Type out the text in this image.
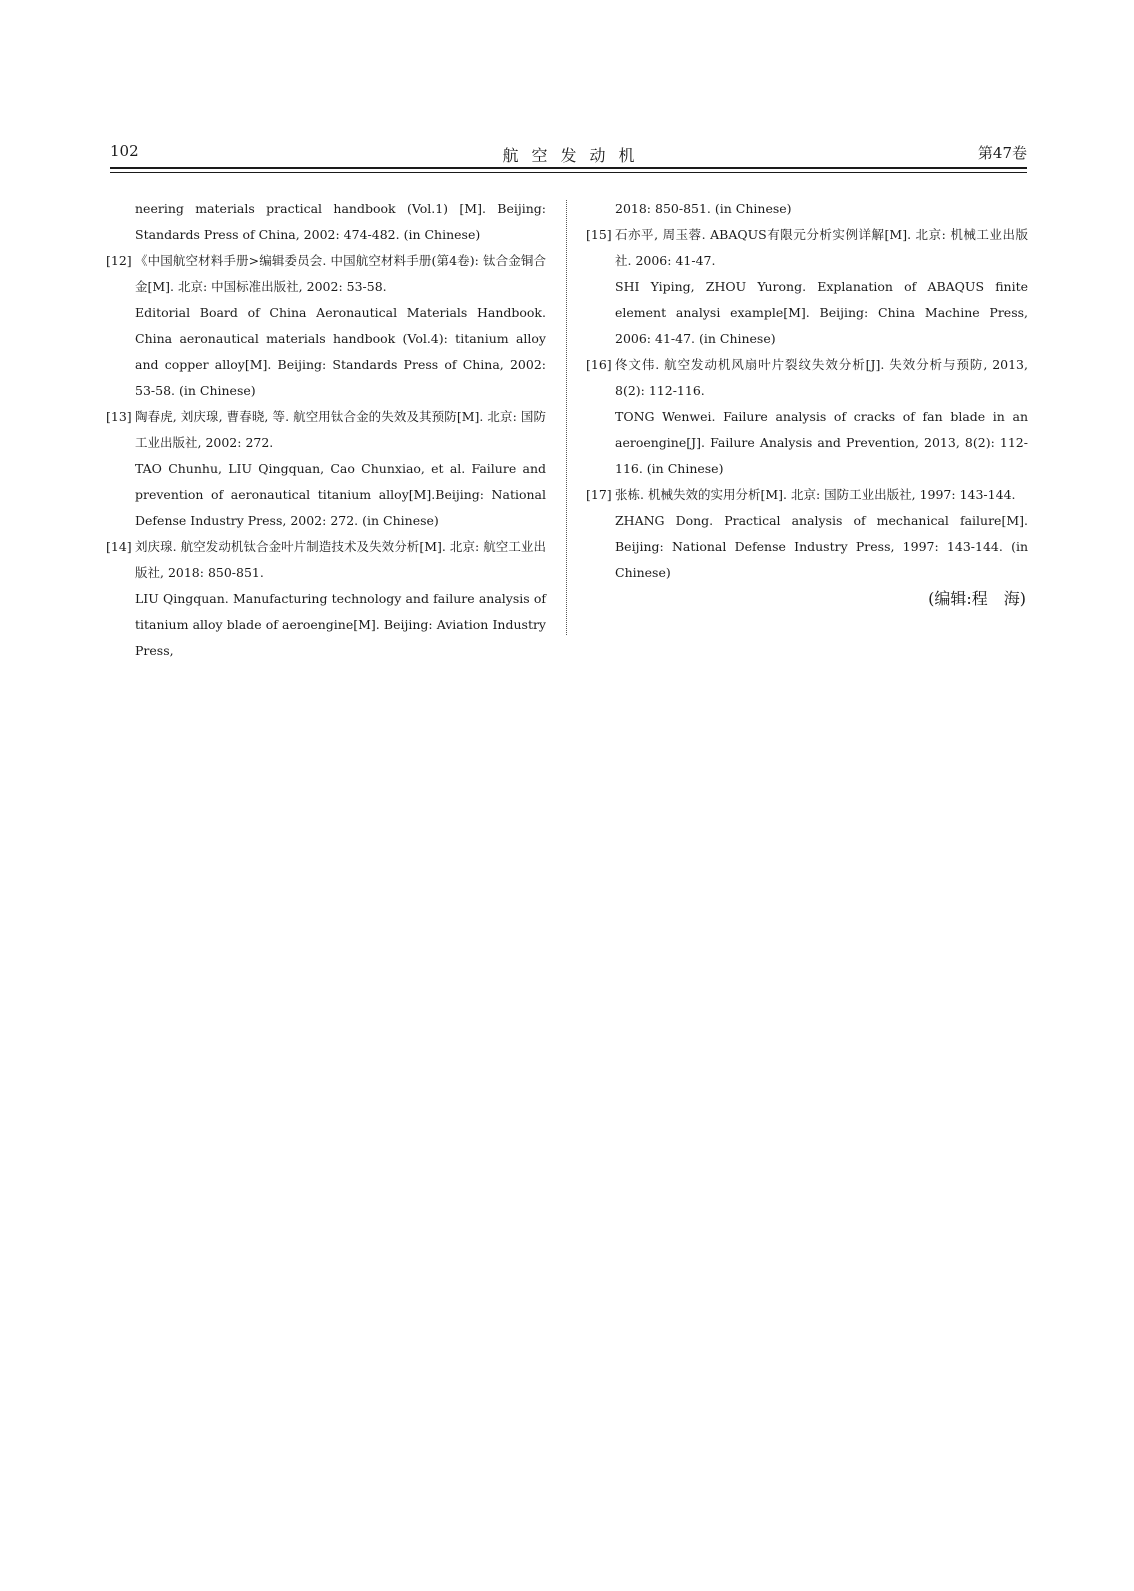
102	航空发动机	第47卷

neering materials practical handbook (Vol.1) [M]. Beijing: Standards Press of China, 2002: 474-482. (in Chinese)

[12] 《中国航空材料手册>编辑委员会. 中国航空材料手册(第4卷): 钛合金铜合金[M]. 北京: 中国标准出版社, 2002: 53-58.

Editorial Board of China Aeronautical Materials Handbook. China aeronautical materials handbook (Vol.4): titanium alloy and copper alloy[M]. Beijing: Standards Press of China, 2002: 53-58. (in Chinese)

[13] 陶春虎, 刘庆瑔, 曹春晓, 等. 航空用钛合金的失效及其预防[M]. 北京: 国防工业出版社, 2002: 272.

TAO Chunhu, LIU Qingquan, Cao Chunxiao, et al. Failure and prevention of aeronautical titanium alloy[M].Beijing: National Defense Industry Press, 2002: 272. (in Chinese)

[14] 刘庆瑔. 航空发动机钛合金叶片制造技术及失效分析[M]. 北京: 航空工业出版社, 2018: 850-851.

LIU Qingquan. Manufacturing technology and failure analysis of titanium alloy blade of aeroengine[M]. Beijing: Aviation Industry Press,

2018: 850-851. (in Chinese)

[15] 石亦平, 周玉蓉. ABAQUS有限元分析实例详解[M]. 北京: 机械工业出版社. 2006: 41-47.

SHI Yiping, ZHOU Yurong. Explanation of ABAQUS finite element analysi example[M]. Beijing: China Machine Press, 2006: 41-47. (in Chinese)

[16] 佟文伟. 航空发动机风扇叶片裂纹失效分析[J]. 失效分析与预防, 2013, 8(2): 112-116.

TONG Wenwei. Failure analysis of cracks of fan blade in an aeroengine[J]. Failure Analysis and Prevention, 2013, 8(2): 112-116. (in Chinese)

[17] 张栋. 机械失效的实用分析[M]. 北京: 国防工业出版社, 1997: 143-144.

ZHANG Dong. Practical analysis of mechanical failure[M]. Beijing: National Defense Industry Press, 1997: 143-144. (in Chinese)

(编辑:程　海)
